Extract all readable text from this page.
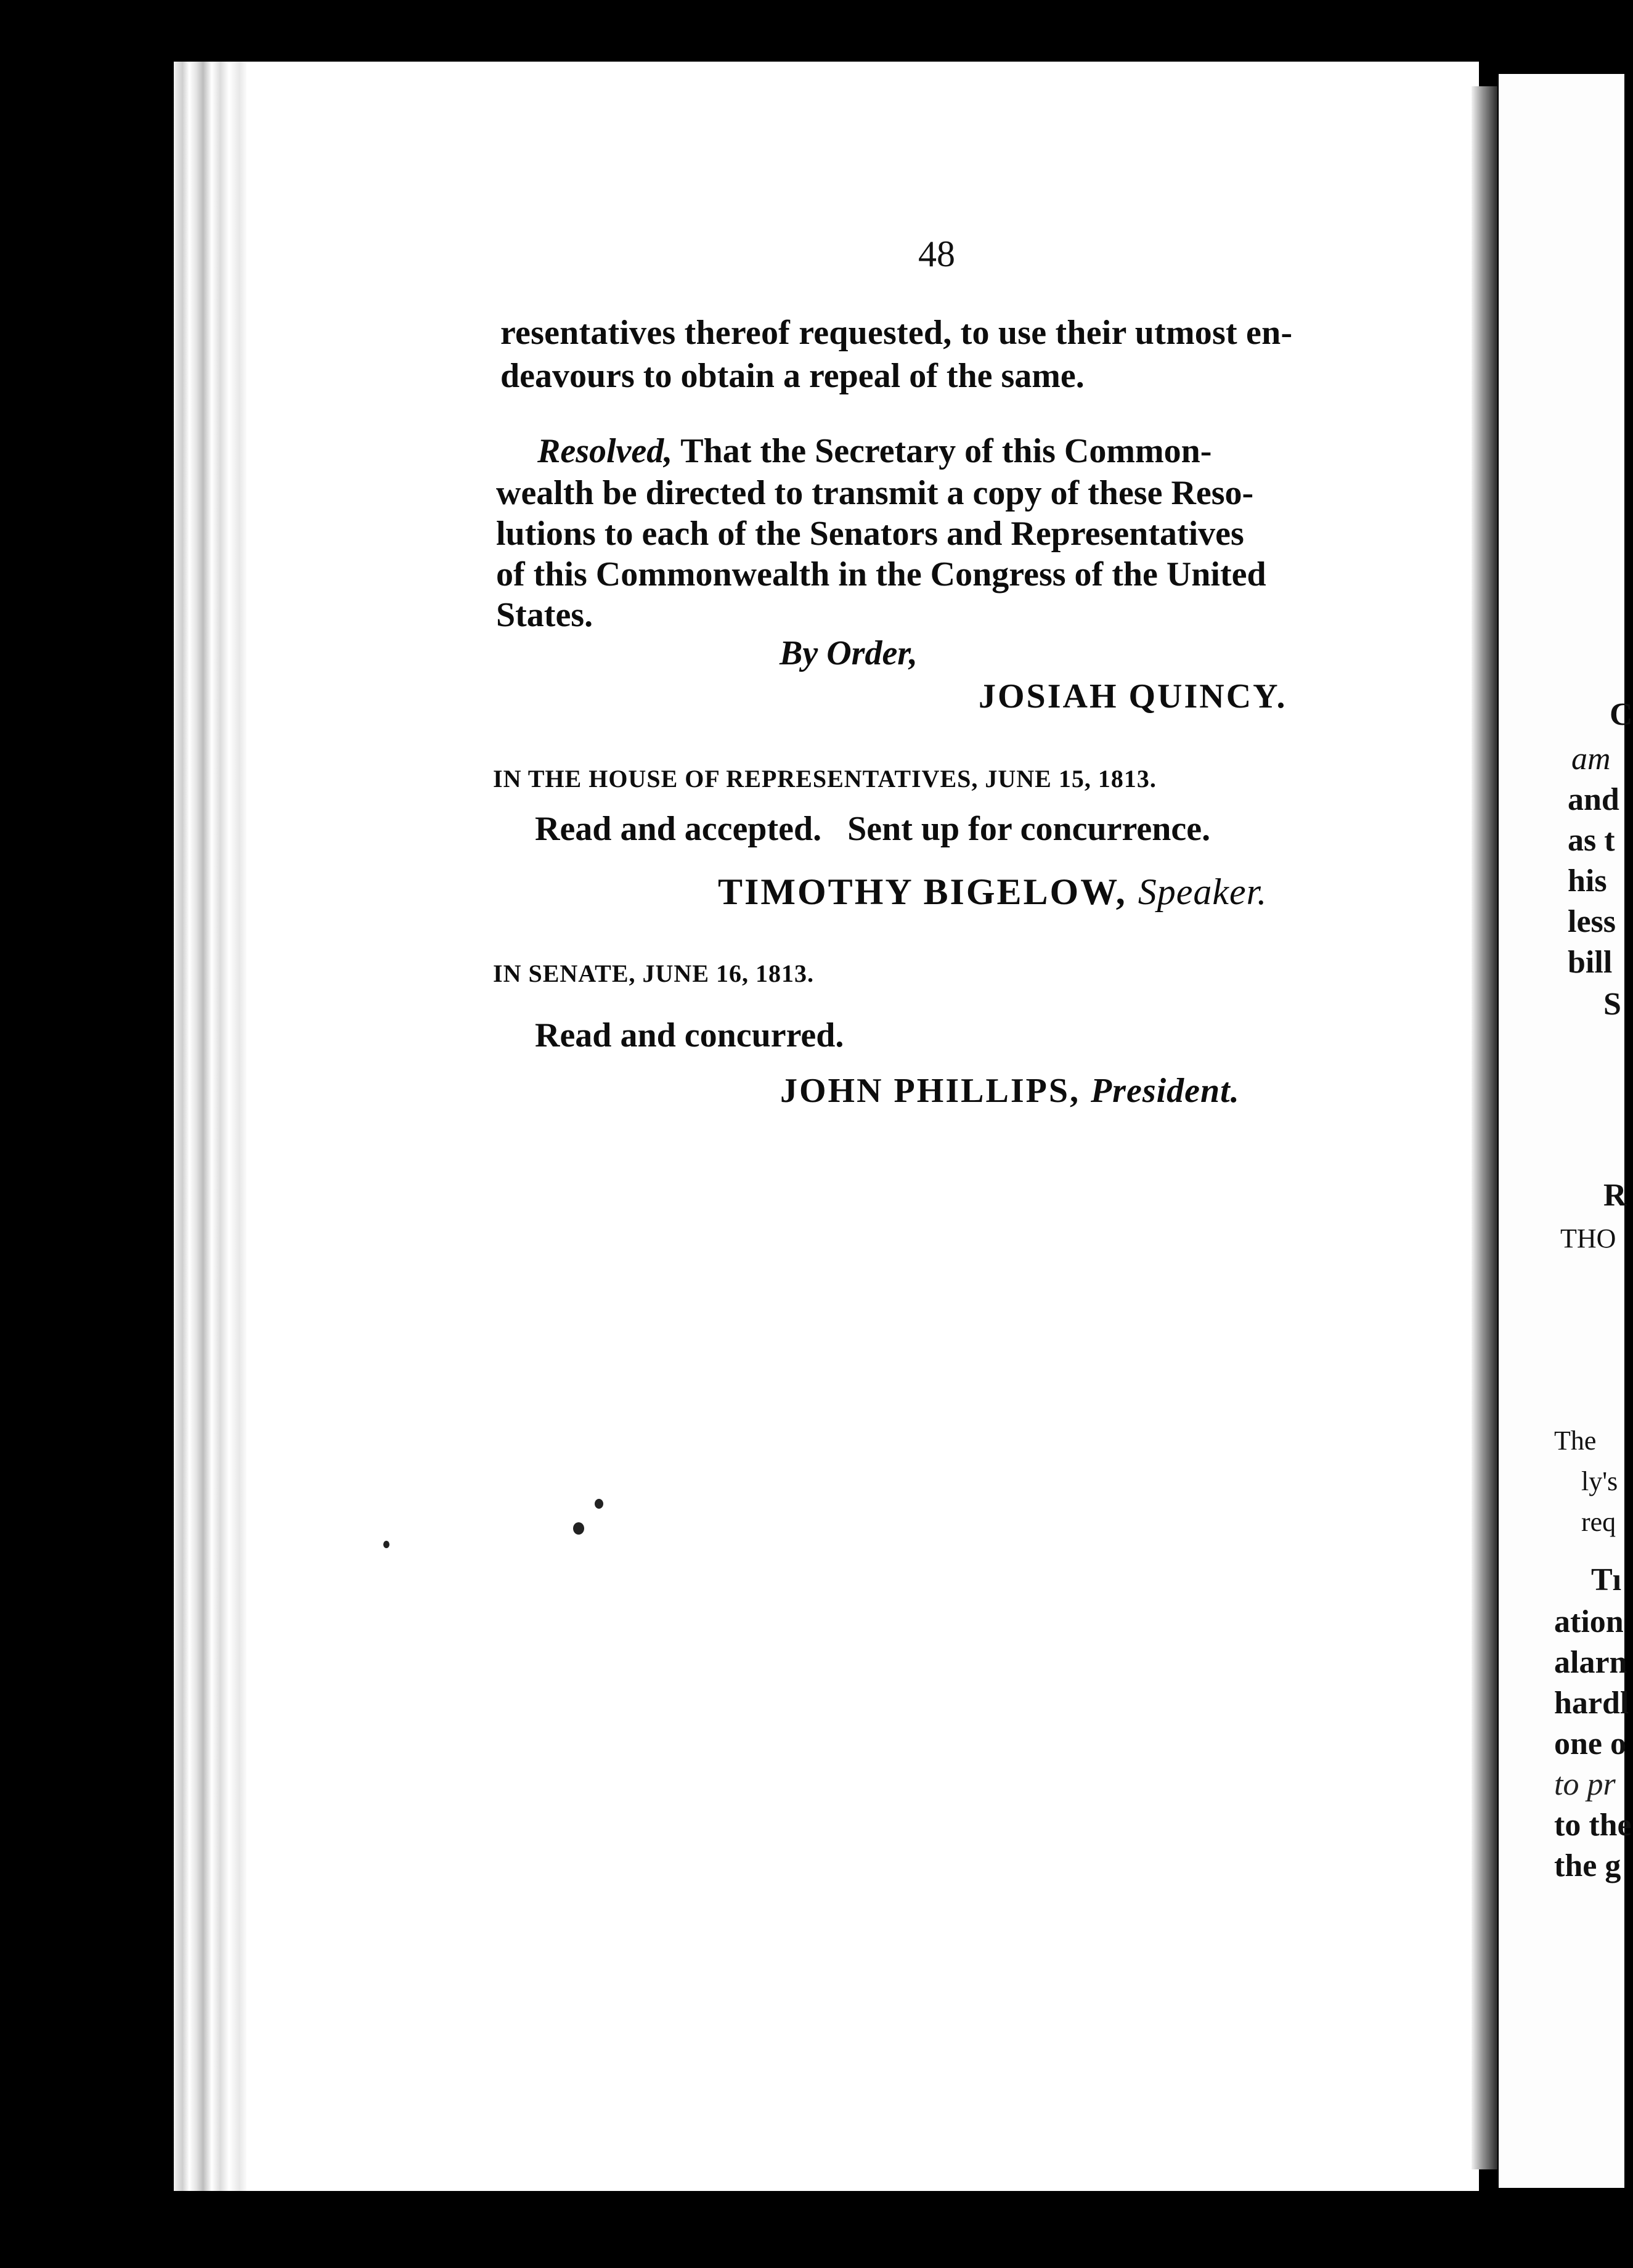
48
resentatives thereof requested, to use their utmost en-
deavours to obtain a repeal of the same.
Resolved, That the Secretary of this Common-
wealth be directed to transmit a copy of these Reso-
lutions to each of the Senators and Representatives
of this Commonwealth in the Congress of the United
States.
By Order,
JOSIAH QUINCY.
IN THE HOUSE OF REPRESENTATIVES, JUNE 15, 1813.
Read and accepted.   Sent up for concurrence.
TIMOTHY BIGELOW, Speaker.
IN SENATE, JUNE 16, 1813.
Read and concurred.
JOHN PHILLIPS, President.
C
am
and
as t
his
less
bill
S
R
THO
The
ly's
req
Tı
ation
alarn
hardl
one o
to pr
to the
the g
